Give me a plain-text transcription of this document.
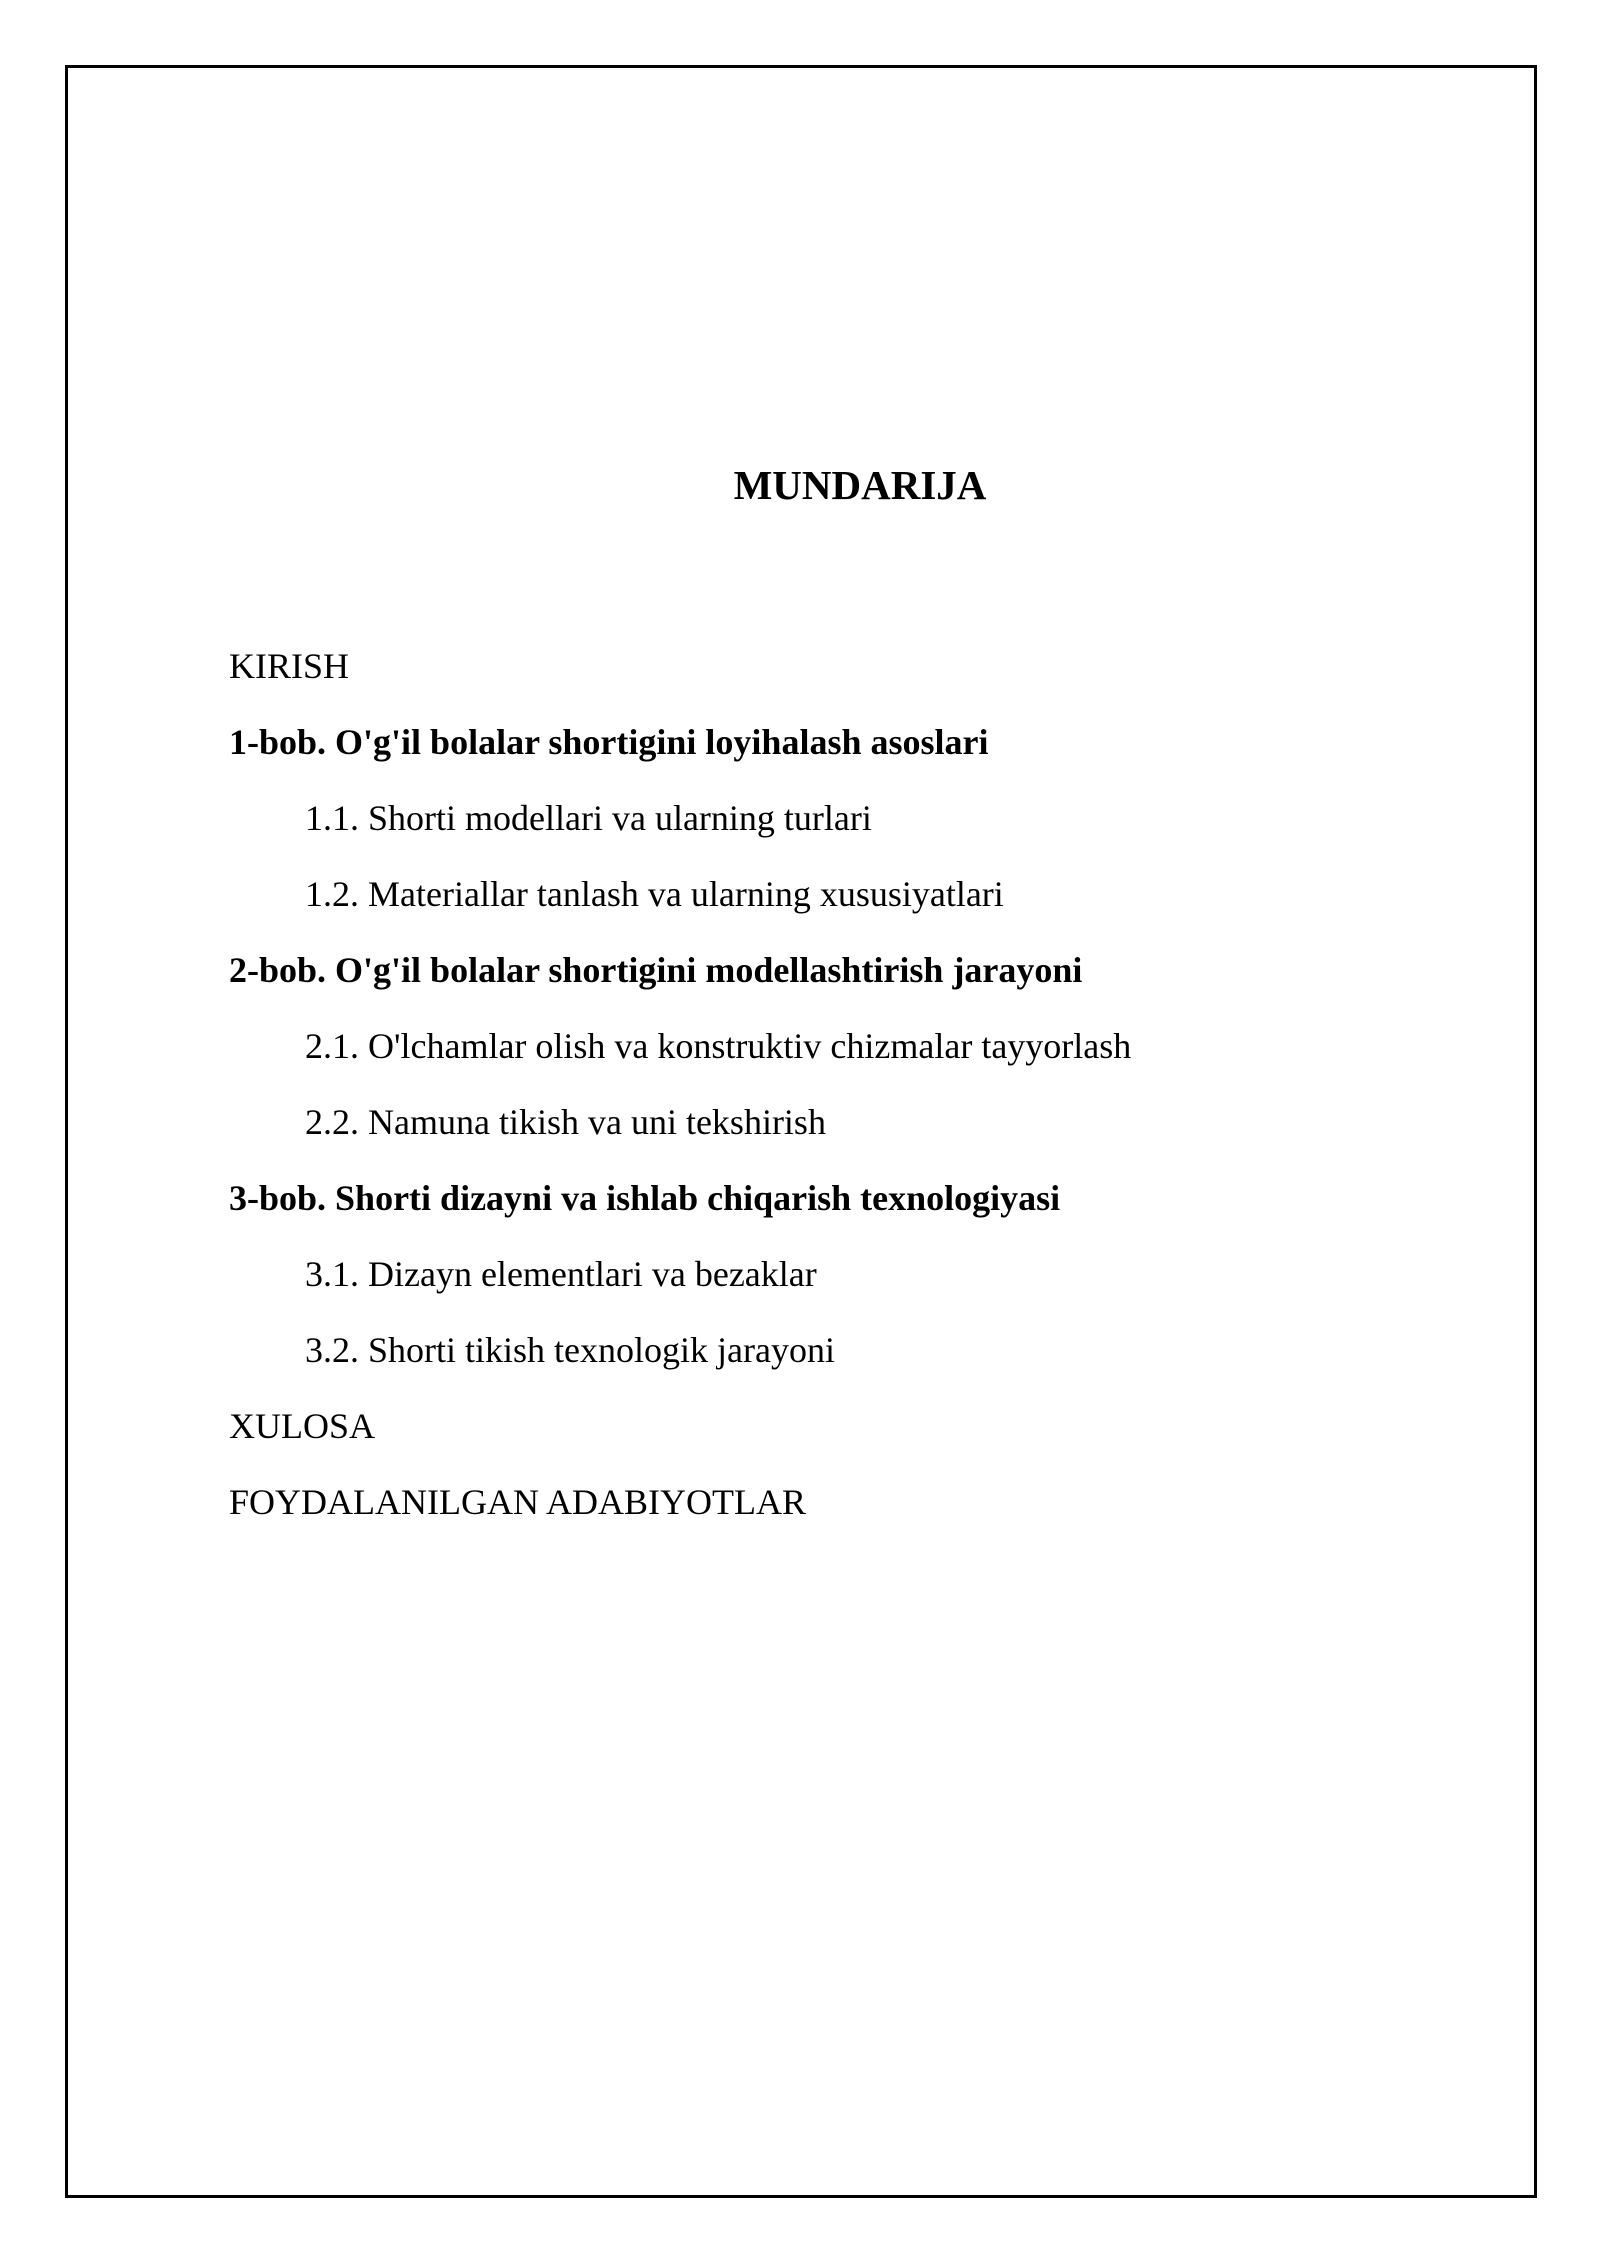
MUNDARIJA
KIRISH
1-bob. O'g'il bolalar shortigini loyihalash asoslari
1.1. Shorti modellari va ularning turlari
1.2. Materiallar tanlash va ularning xususiyatlari
2-bob. O'g'il bolalar shortigini modellashtirish jarayoni
2.1. O'lchamlar olish va konstruktiv chizmalar tayyorlash
2.2. Namuna tikish va uni tekshirish
3-bob. Shorti dizayni va ishlab chiqarish texnologiyasi
3.1. Dizayn elementlari va bezaklar
3.2. Shorti tikish texnologik jarayoni
XULOSA
FOYDALANILGAN ADABIYOTLAR
